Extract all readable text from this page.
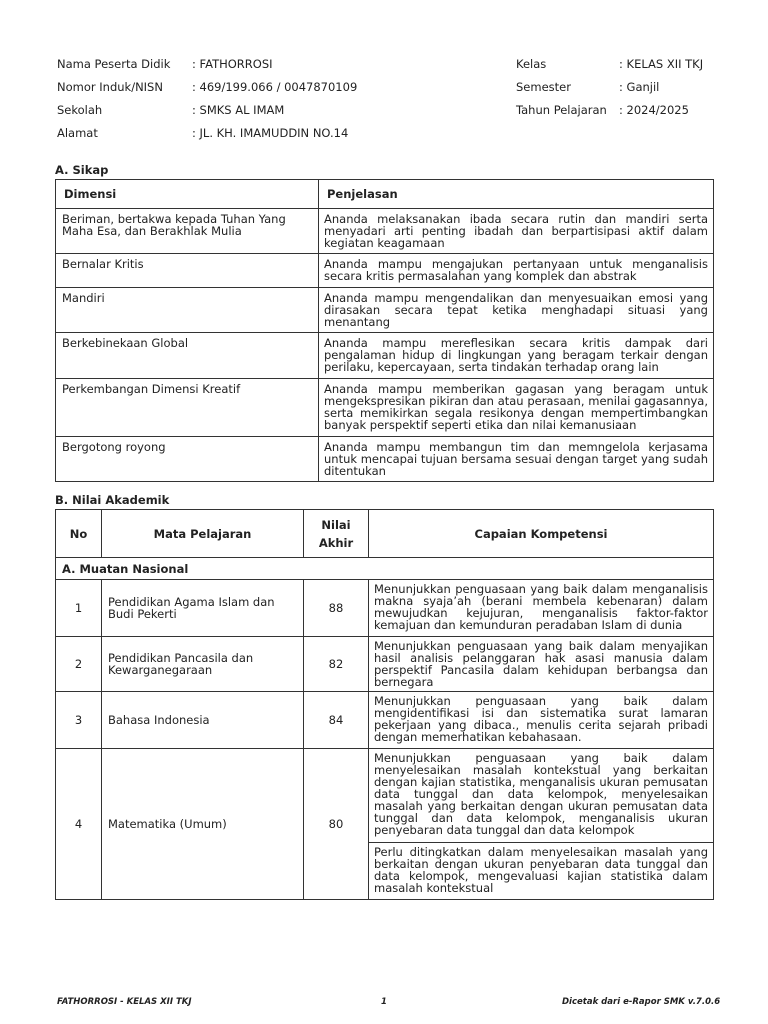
Nama Peserta Didik : FATHORROSI
Nomor Induk/NISN	: 469/199.066 / 0047870109
Sekolah	: SMKS AL IMAM
Alamat	: JL. KH. IMAMUDDIN NO.14
Kelas	: KELAS XII TKJ
Semester	: Ganjil
Tahun Pelajaran : 2024/2025
A. Sikap
Dimensi	Penjelasan
Beriman, bertakwa kepada Tuhan Yang Maha Esa, dan Berakhlak Mulia	Ananda melaksanakan ibada secara rutin dan mandiri serta menyadari arti penting ibadah dan berpartisipasi aktif dalam kegiatan keagamaan
Bernalar Kritis	Ananda mampu mengajukan pertanyaan untuk menganalisis secara kritis permasalahan yang komplek dan abstrak
Mandiri	Ananda mampu mengendalikan dan menyesuaikan emosi yang dirasakan secara tepat ketika menghadapi situasi yang menantang
Berkebinekaan Global	Ananda mampu mereflesikan secara kritis dampak dari pengalaman hidup di lingkungan yang beragam terkair dengan perilaku, kepercayaan, serta tindakan terhadap orang lain
Perkembangan Dimensi Kreatif	Ananda mampu memberikan gagasan yang beragam untuk mengekspresikan pikiran dan atau perasaan, menilai gagasannya, serta memikirkan segala resikonya dengan mempertimbangkan banyak perspektif seperti etika dan nilai kemanusiaan
Bergotong royong	Ananda mampu membangun tim dan memngelola kerjasama untuk mencapai tujuan bersama sesuai dengan target yang sudah ditentukan
B. Nilai Akademik
No	Mata Pelajaran	Nilai Akhir	Capaian Kompetensi
A. Muatan Nasional			
1	Pendidikan Agama Islam dan Budi Pekerti	88	Menunjukkan penguasaan yang baik dalam menganalisis makna syaja’ah (berani membela kebenaran) dalam mewujudkan kejujuran, menganalisis faktor-faktor kemajuan dan kemunduran peradaban Islam di dunia
2	Pendidikan Pancasila dan Kewarganegaraan	82	Menunjukkan penguasaan yang baik dalam menyajikan hasil analisis pelanggaran hak asasi manusia dalam perspektif Pancasila dalam kehidupan berbangsa dan bernegara
3	Bahasa Indonesia	84	Menunjukkan penguasaan yang baik dalam mengidentifikasi isi dan sistematika surat lamaran pekerjaan yang dibaca., menulis cerita sejarah pribadi dengan memerhatikan kebahasaan.
4	Matematika (Umum)	80	Menunjukkan penguasaan yang baik dalam menyelesaikan masalah kontekstual yang berkaitan dengan kajian statistika, menganalisis ukuran pemusatan data tunggal dan data kelompok, menyelesaikan masalah yang berkaitan dengan ukuran pemusatan data tunggal dan data kelompok, menganalisis ukuran penyebaran data tunggal dan data kelompok
			Perlu ditingkatkan dalam menyelesaikan masalah yang berkaitan dengan ukuran penyebaran data tunggal dan data kelompok, mengevaluasi kajian statistika dalam masalah kontekstual
FATHORROSI - KELAS XII TKJ	1	Dicetak dari e-Rapor SMK v.7.0.6
